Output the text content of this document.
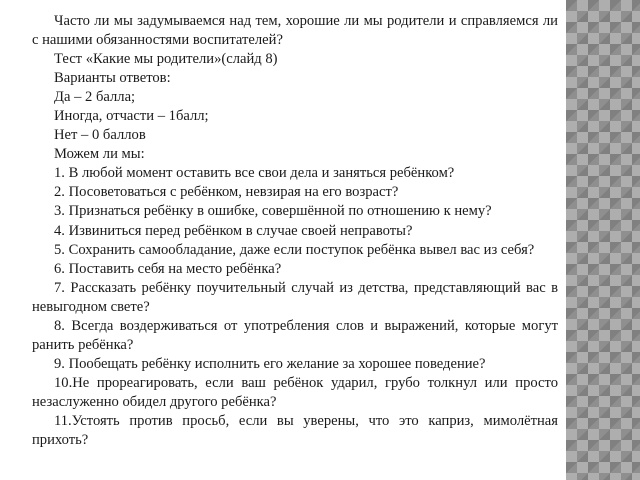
Часто ли мы задумываемся над тем, хорошие ли мы родители и справляемся ли с нашими обязанностями воспитателей?

Тест «Какие мы родители»(слайд 8)

Варианты ответов:

Да – 2 балла;

Иногда, отчасти – 1балл;

Нет – 0 баллов

Можем ли мы:

1. В любой момент оставить все свои дела и заняться ребёнком?

2. Посоветоваться с ребёнком, невзирая на его возраст?

3. Признаться ребёнку в ошибке, совершённой по отношению к нему?

4. Извиниться перед ребёнком в случае своей неправоты?

5. Сохранить самообладание, даже если поступок ребёнка вывел вас из себя?

6. Поставить себя на место ребёнка?

7. Рассказать ребёнку поучительный случай из детства, представляющий вас в невыгодном свете?

8. Всегда воздерживаться от употребления слов и выражений, которые могут ранить ребёнка?

9. Пообещать ребёнку исполнить его желание за хорошее поведение?

10.Не прореагировать, если ваш ребёнок ударил, грубо толкнул или просто незаслуженно обидел другого ребёнка?

11.Устоять против просьб, если вы уверены, что это каприз, мимолётная прихоть?
